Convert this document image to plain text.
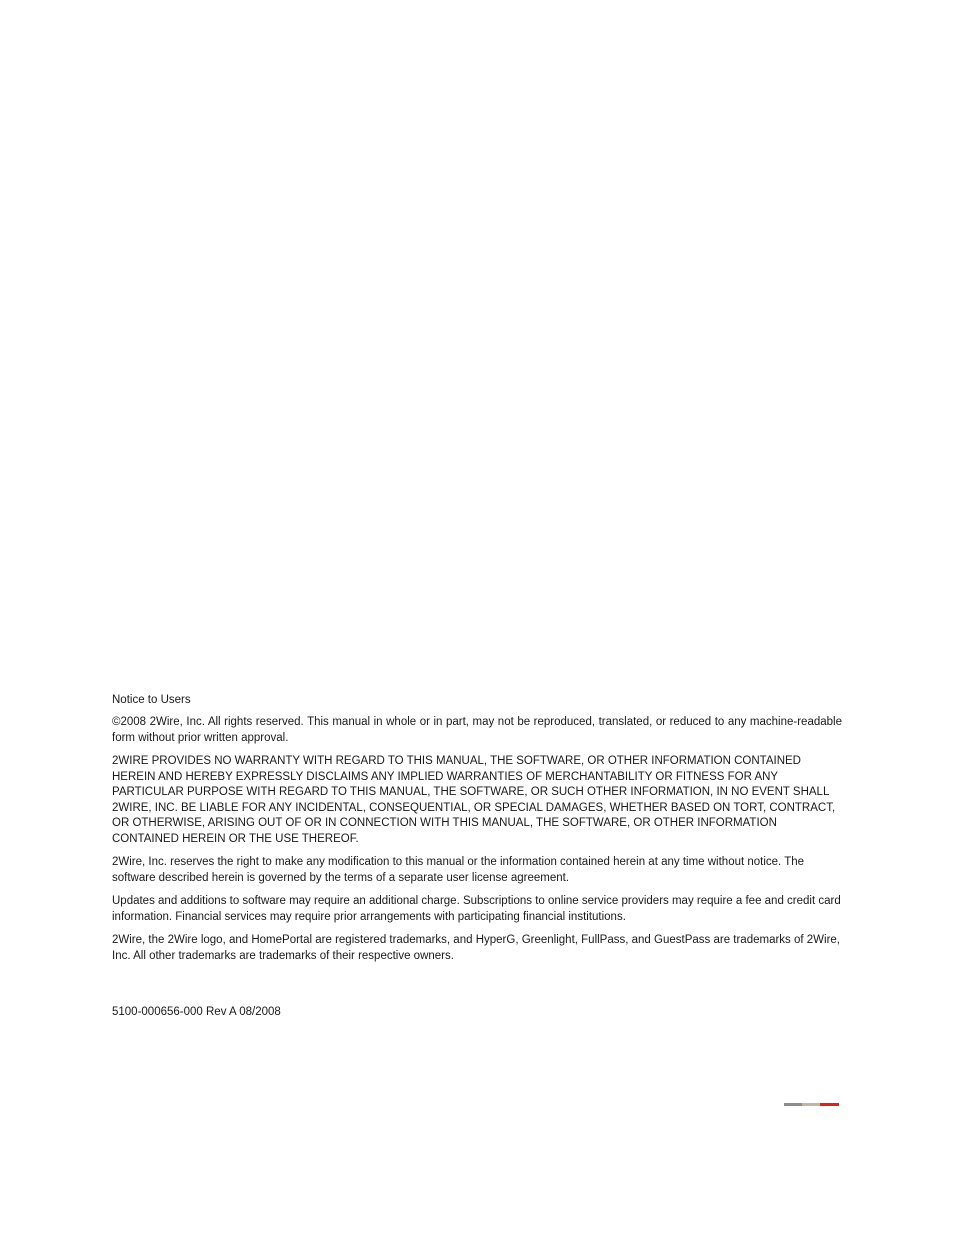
Notice to Users

©2008 2Wire, Inc. All rights reserved. This manual in whole or in part, may not be reproduced, translated, or reduced to any machine-readable form without prior written approval.

2WIRE PROVIDES NO WARRANTY WITH REGARD TO THIS MANUAL, THE SOFTWARE, OR OTHER INFORMATION CONTAINED HEREIN AND HEREBY EXPRESSLY DISCLAIMS ANY IMPLIED WARRANTIES OF MERCHANTABILITY OR FITNESS FOR ANY PARTICULAR PURPOSE WITH REGARD TO THIS MANUAL, THE SOFTWARE, OR SUCH OTHER INFORMATION, IN NO EVENT SHALL 2WIRE, INC. BE LIABLE FOR ANY INCIDENTAL, CONSEQUENTIAL, OR SPECIAL DAMAGES, WHETHER BASED ON TORT, CONTRACT, OR OTHERWISE, ARISING OUT OF OR IN CONNECTION WITH THIS MANUAL, THE SOFTWARE, OR OTHER INFORMATION CONTAINED HEREIN OR THE USE THEREOF.

2Wire, Inc. reserves the right to make any modification to this manual or the information contained herein at any time without notice. The software described herein is governed by the terms of a separate user license agreement.

Updates and additions to software may require an additional charge. Subscriptions to online service providers may require a fee and credit card information. Financial services may require prior arrangements with participating financial institutions.

2Wire, the 2Wire logo, and HomePortal are registered trademarks, and HyperG, Greenlight, FullPass, and GuestPass are trademarks of 2Wire, Inc. All other trademarks are trademarks of their respective owners.

5100-000656-000 Rev A 08/2008
